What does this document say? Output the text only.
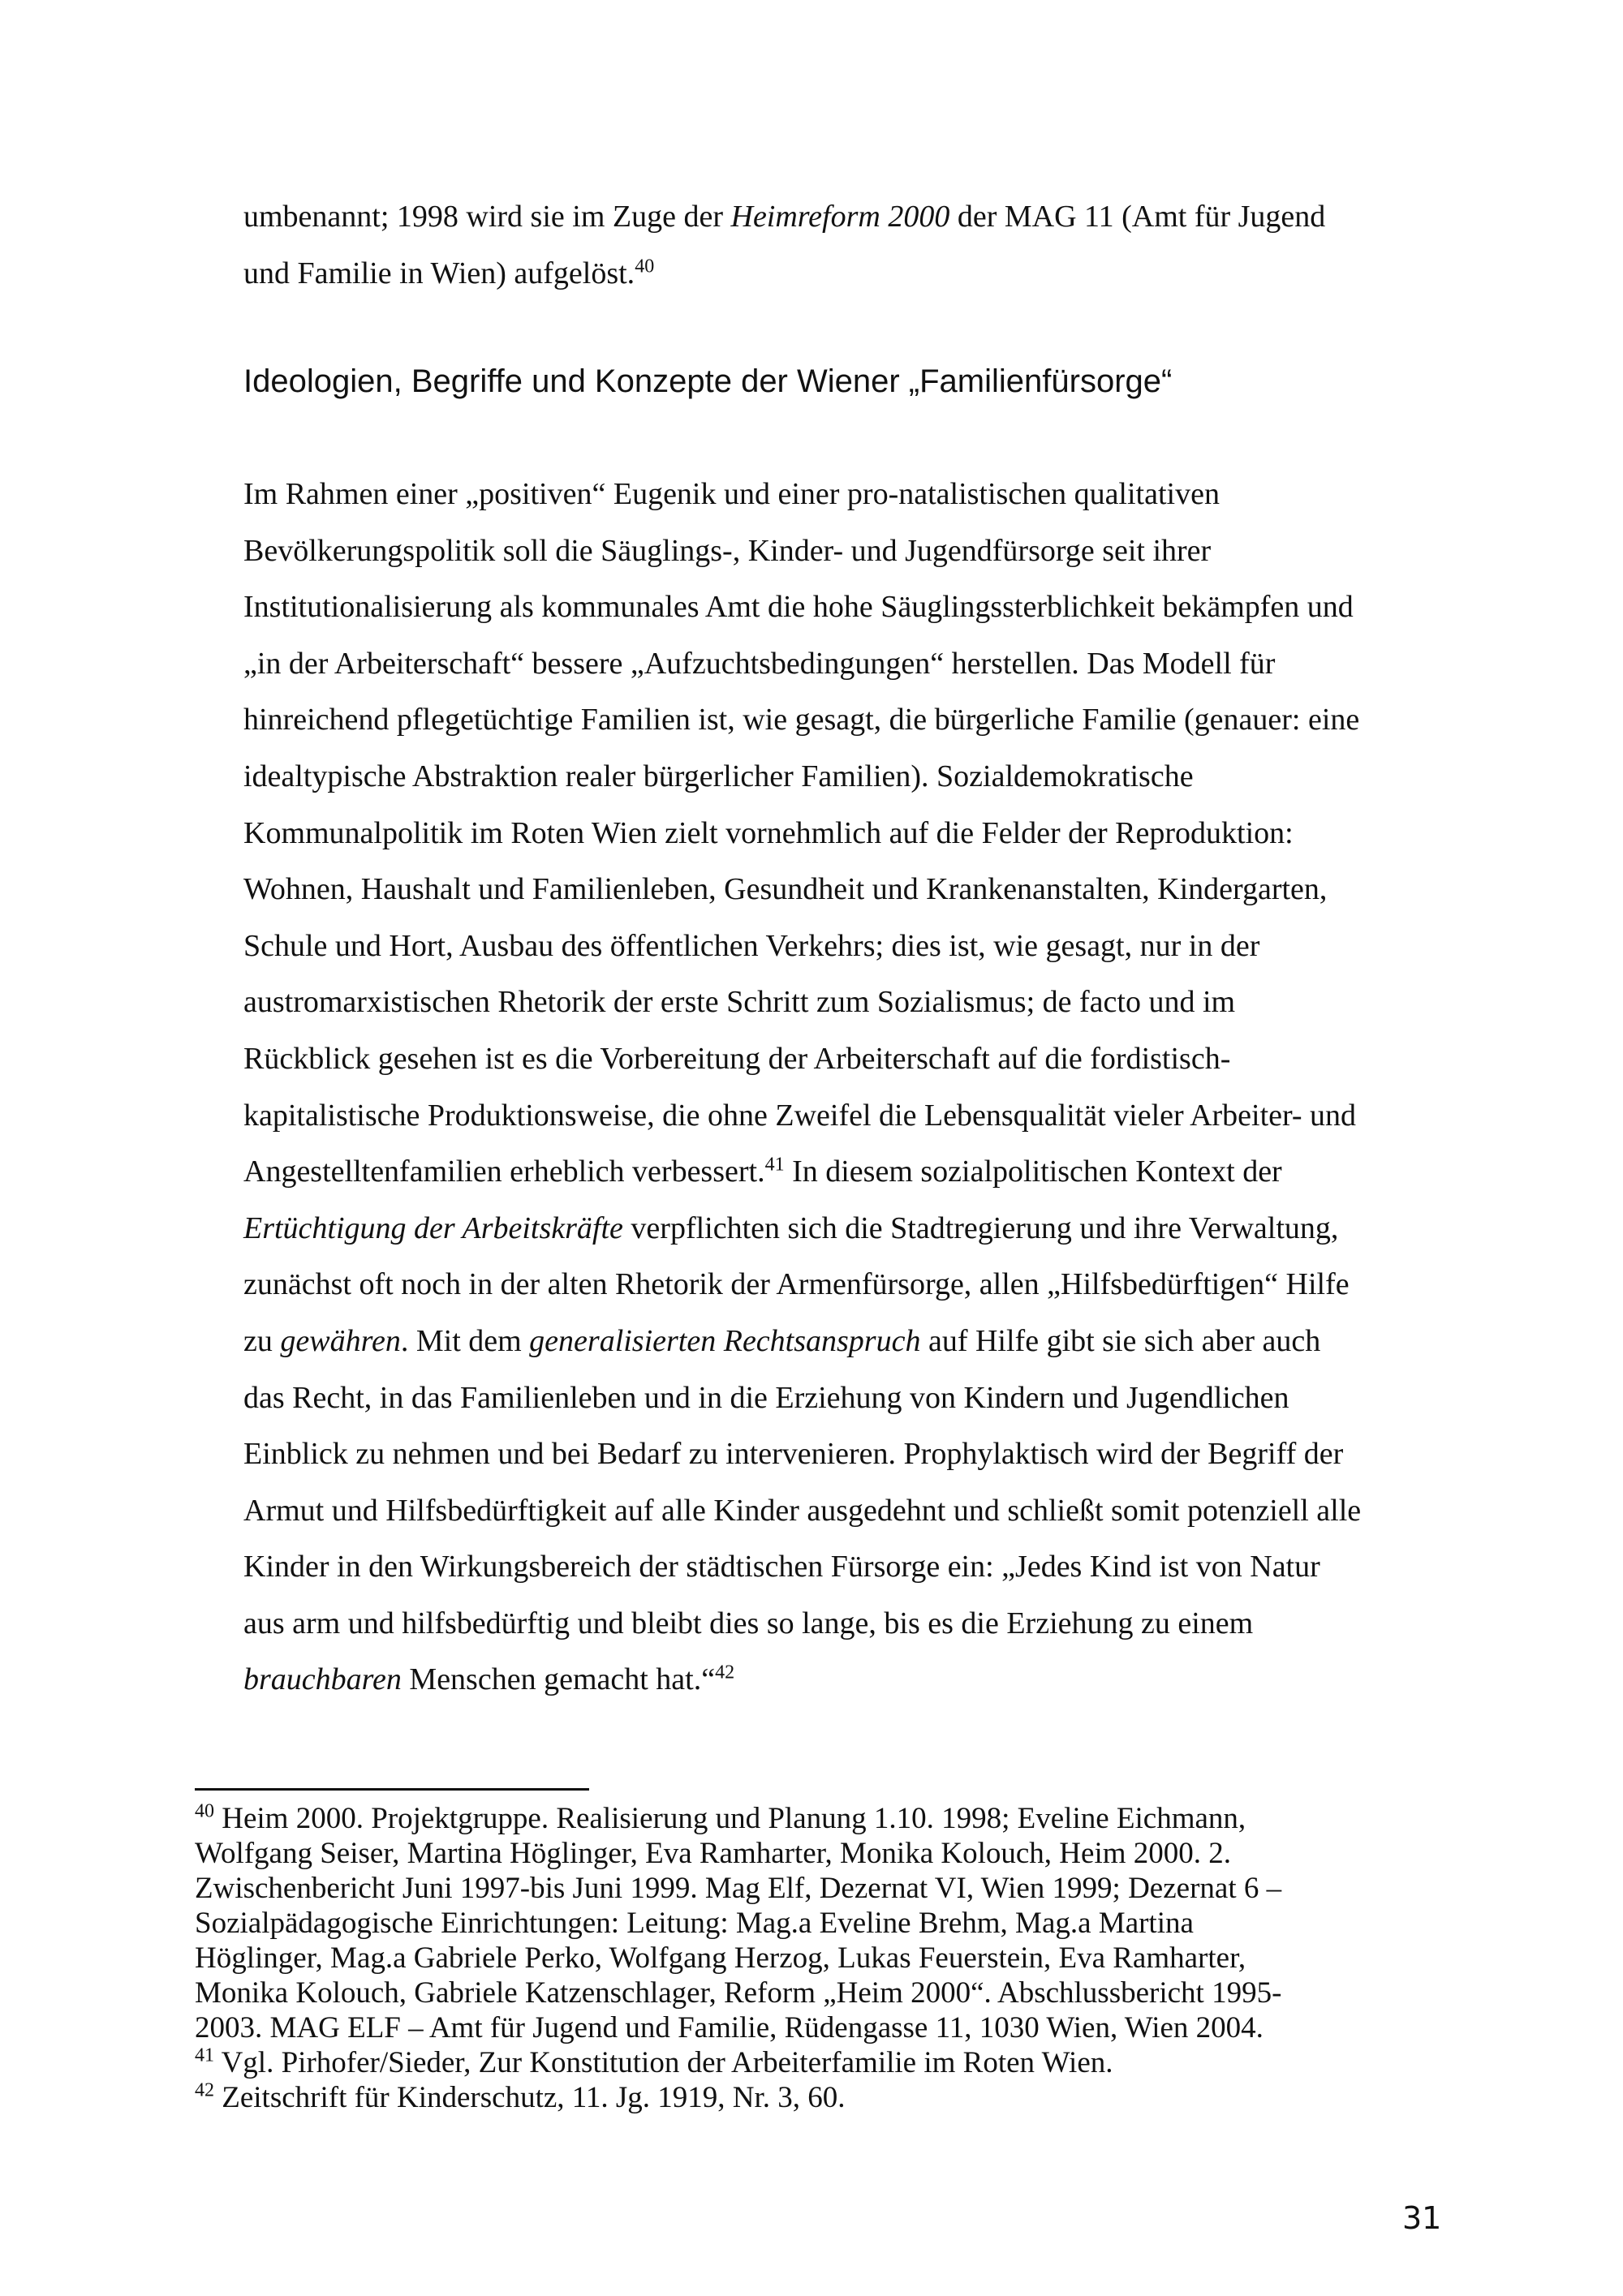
umbenannt; 1998 wird sie im Zuge der Heimreform 2000 der MAG 11 (Amt für Jugend
und Familie in Wien) aufgelöst.$^{40}$

Ideologien, Begriffe und Konzepte der Wiener „Familienfürsorge“

Im Rahmen einer „positiven“ Eugenik und einer pro-natalistischen qualitativen
Bevölkerungspolitik soll die Säuglings-, Kinder- und Jugendfürsorge seit ihrer
Institutionalisierung als kommunales Amt die hohe Säuglingssterblichkeit bekämpfen und
„in der Arbeiterschaft“ bessere „Aufzuchtsbedingungen“ herstellen. Das Modell für
hinreichend pflegetüchtige Familien ist, wie gesagt, die bürgerliche Familie (genauer: eine
idealtypische Abstraktion realer bürgerlicher Familien). Sozialdemokratische
Kommunalpolitik im Roten Wien zielt vornehmlich auf die Felder der Reproduktion:
Wohnen, Haushalt und Familienleben, Gesundheit und Krankenanstalten, Kindergarten,
Schule und Hort, Ausbau des öffentlichen Verkehrs; dies ist, wie gesagt, nur in der
austromarxistischen Rhetorik der erste Schritt zum Sozialismus; de facto und im
Rückblick gesehen ist es die Vorbereitung der Arbeiterschaft auf die fordistisch-
kapitalistische Produktionsweise, die ohne Zweifel die Lebensqualität vieler Arbeiter- und
Angestelltenfamilien erheblich verbessert.$^{41}$ In diesem sozialpolitischen Kontext der
Ertüchtigung der Arbeitskräfte verpflichten sich die Stadtregierung und ihre Verwaltung,
zunächst oft noch in der alten Rhetorik der Armenfürsorge, allen „Hilfsbedürftigen“ Hilfe
zu gewähren. Mit dem generalisierten Rechtsanspruch auf Hilfe gibt sie sich aber auch
das Recht, in das Familienleben und in die Erziehung von Kindern und Jugendlichen
Einblick zu nehmen und bei Bedarf zu intervenieren. Prophylaktisch wird der Begriff der
Armut und Hilfsbedürftigkeit auf alle Kinder ausgedehnt und schließt somit potenziell alle
Kinder in den Wirkungsbereich der städtischen Fürsorge ein: „Jedes Kind ist von Natur
aus arm und hilfsbedürftig und bleibt dies so lange, bis es die Erziehung zu einem
brauchbaren Menschen gemacht hat.“$^{42}$

$^{40}$ Heim 2000. Projektgruppe. Realisierung und Planung 1.10. 1998; Eveline Eichmann,
Wolfgang Seiser, Martina Höglinger, Eva Ramharter, Monika Kolouch, Heim 2000. 2.
Zwischenbericht Juni 1997-bis Juni 1999. Mag Elf, Dezernat VI, Wien 1999; Dezernat 6 –
Sozialpädagogische Einrichtungen: Leitung: Mag.a Eveline Brehm, Mag.a Martina
Höglinger, Mag.a Gabriele Perko, Wolfgang Herzog, Lukas Feuerstein, Eva Ramharter,
Monika Kolouch, Gabriele Katzenschlager, Reform „Heim 2000“. Abschlussbericht 1995-
2003. MAG ELF – Amt für Jugend und Familie, Rüdengasse 11, 1030 Wien, Wien 2004.
$^{41}$ Vgl. Pirhofer/Sieder, Zur Konstitution der Arbeiterfamilie im Roten Wien.
$^{42}$ Zeitschrift für Kinderschutz, 11. Jg. 1919, Nr. 3, 60.
31
